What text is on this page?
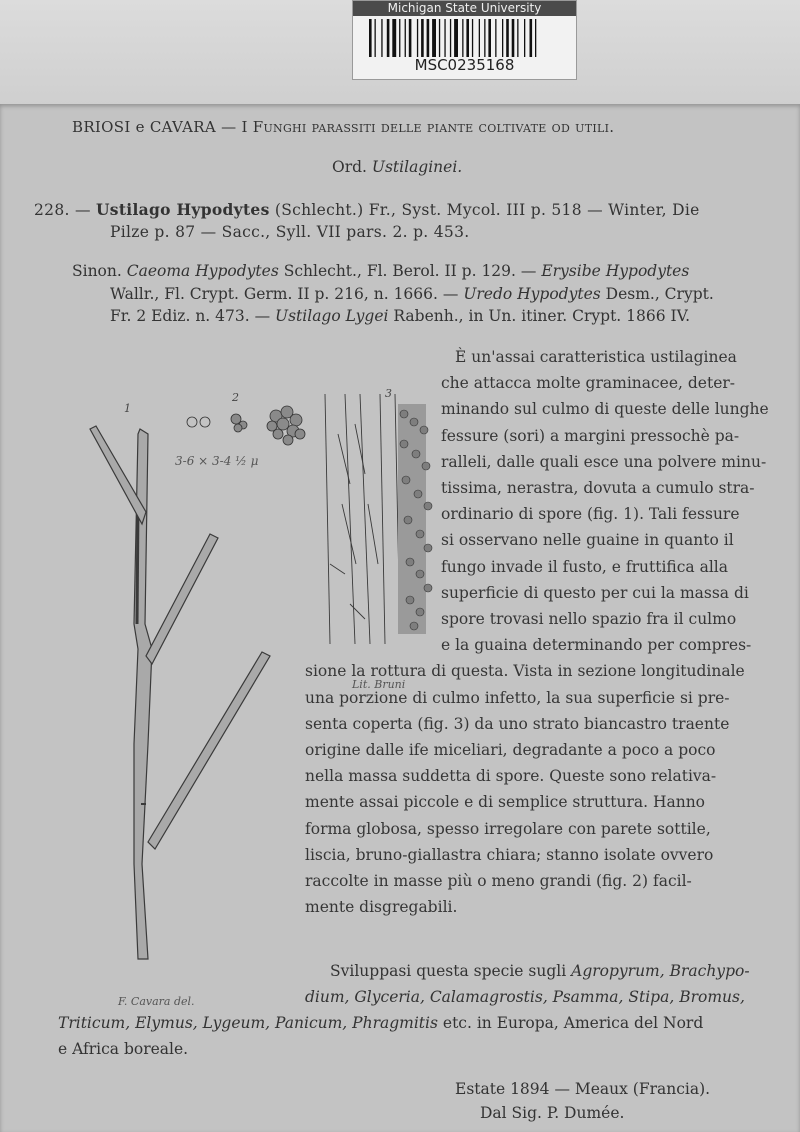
Michigan State University
MSC0235168
BRIOSI e CAVARA — I Funghi parassiti delle piante coltivate od utili.
Ord. Ustilaginei.
228. — Ustilago Hypodytes (Schlecht.) Fr., Syst. Mycol. III p. 518 — Winter, Die
Pilze p. 87 — Sacc., Syll. VII pars. 2. p. 453.
Sinon. Caeoma Hypodytes Schlecht., Fl. Berol. II p. 129. — Erysibe Hypodytes
Wallr., Fl. Crypt. Germ. II p. 216, n. 1666. — Uredo Hypodytes Desm., Crypt.
Fr. 2 Ediz. n. 473. — Ustilago Lygei Rabenh., in Un. itiner. Crypt. 1866 IV.
1
2	3
3-6 × 3-4 ½ μ
Lit. Bruni
F. Cavara del.
È un'assai caratteristica ustilaginea
che attacca molte graminacee, deter-
minando sul culmo di queste delle lunghe
fessure (sori) a margini pressochè pa-
ralleli, dalle quali esce una polvere minu-
tissima, nerastra, dovuta a cumulo stra-
ordinario di spore (fig. 1). Tali fessure
si osservano nelle guaine in quanto il
fungo invade il fusto, e fruttifica alla
superficie di questo per cui la massa di
spore trovasi nello spazio fra il culmo
e la guaina determinando per compres-
sione la rottura di questa. Vista in sezione longitudinale
una porzione di culmo infetto, la sua superficie si pre-
senta coperta (fig. 3) da uno strato biancastro traente
origine dalle ife miceliari, degradante a poco a poco
nella massa suddetta di spore. Queste sono relativa-
mente assai piccole e di semplice struttura. Hanno
forma globosa, spesso irregolare con parete sottile,
liscia, bruno-giallastra chiara; stanno isolate ovvero
raccolte in masse più o meno grandi (fig. 2) facil-
mente disgregabili.
Sviluppasi questa specie sugli Agropyrum, Brachypo-
dium, Glyceria, Calamagrostis, Psamma, Stipa, Bromus,
Triticum, Elymus, Lygeum, Panicum, Phragmitis etc. in Europa, America del Nord
e Africa boreale.
Estate 1894 — Meaux (Francia).
Dal Sig. P. Dumée.
